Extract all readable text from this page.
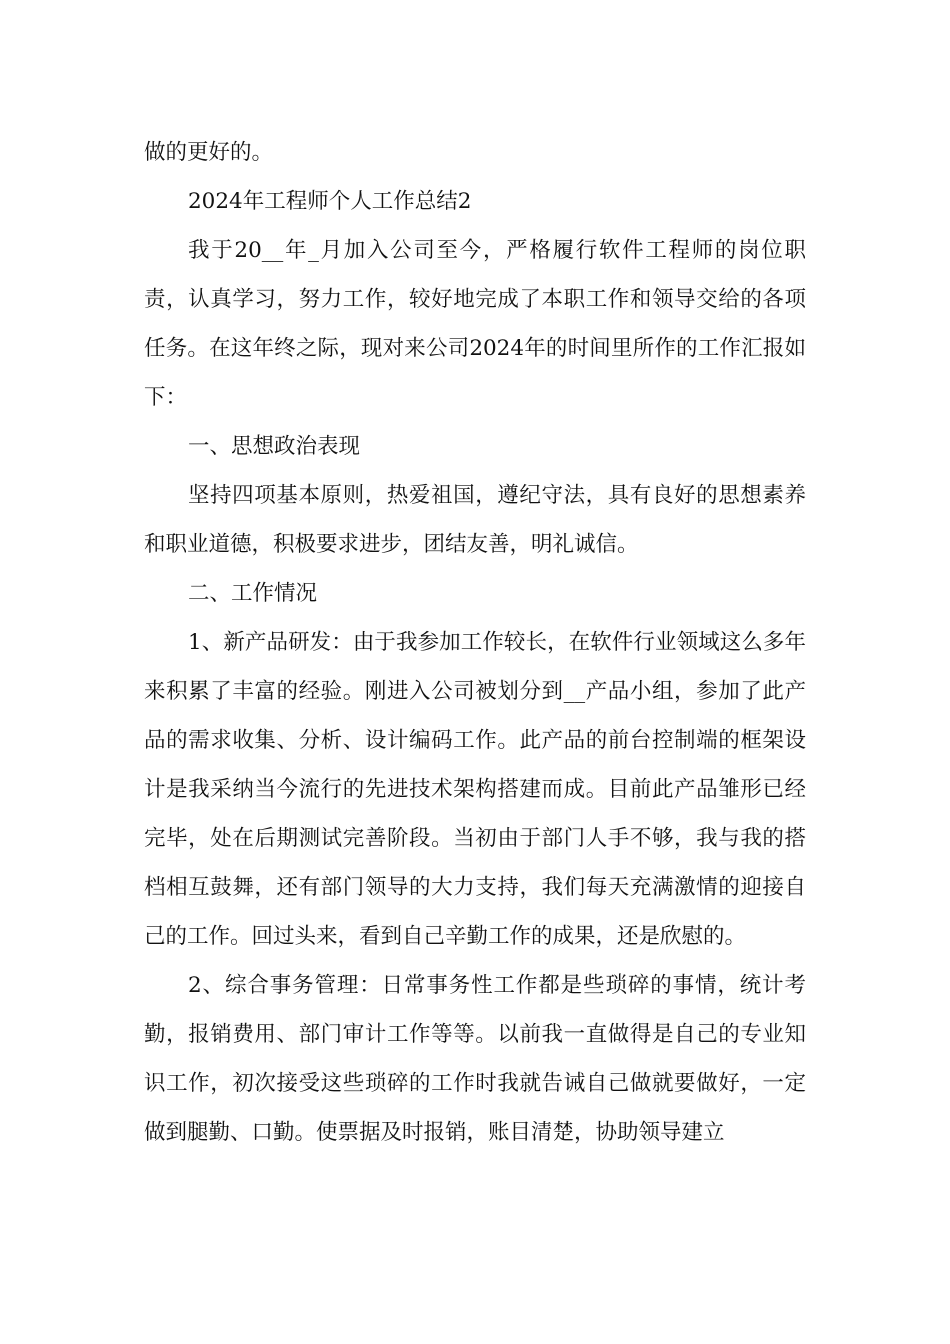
做的更好的。

2024年工程师个人工作总结2

我于20__年_月加入公司至今，严格履行软件工程师的岗位职责，认真学习，努力工作，较好地完成了本职工作和领导交给的各项任务。在这年终之际，现对来公司2024年的时间里所作的工作汇报如下：

一、思想政治表现

坚持四项基本原则，热爱祖国，遵纪守法，具有良好的思想素养和职业道德，积极要求进步，团结友善，明礼诚信。

二、工作情况

1、新产品研发：由于我参加工作较长，在软件行业领域这么多年来积累了丰富的经验。刚进入公司被划分到__产品小组，参加了此产品的需求收集、分析、设计编码工作。此产品的前台控制端的框架设计是我采纳当今流行的先进技术架构搭建而成。目前此产品雏形已经完毕，处在后期测试完善阶段。当初由于部门人手不够，我与我的搭档相互鼓舞，还有部门领导的大力支持，我们每天充满激情的迎接自己的工作。回过头来，看到自己辛勤工作的成果，还是欣慰的。

2、综合事务管理：日常事务性工作都是些琐碎的事情，统计考勤，报销费用、部门审计工作等等。以前我一直做得是自己的专业知识工作，初次接受这些琐碎的工作时我就告诫自己做就要做好，一定做到腿勤、口勤。使票据及时报销，账目清楚，协助领导建立
